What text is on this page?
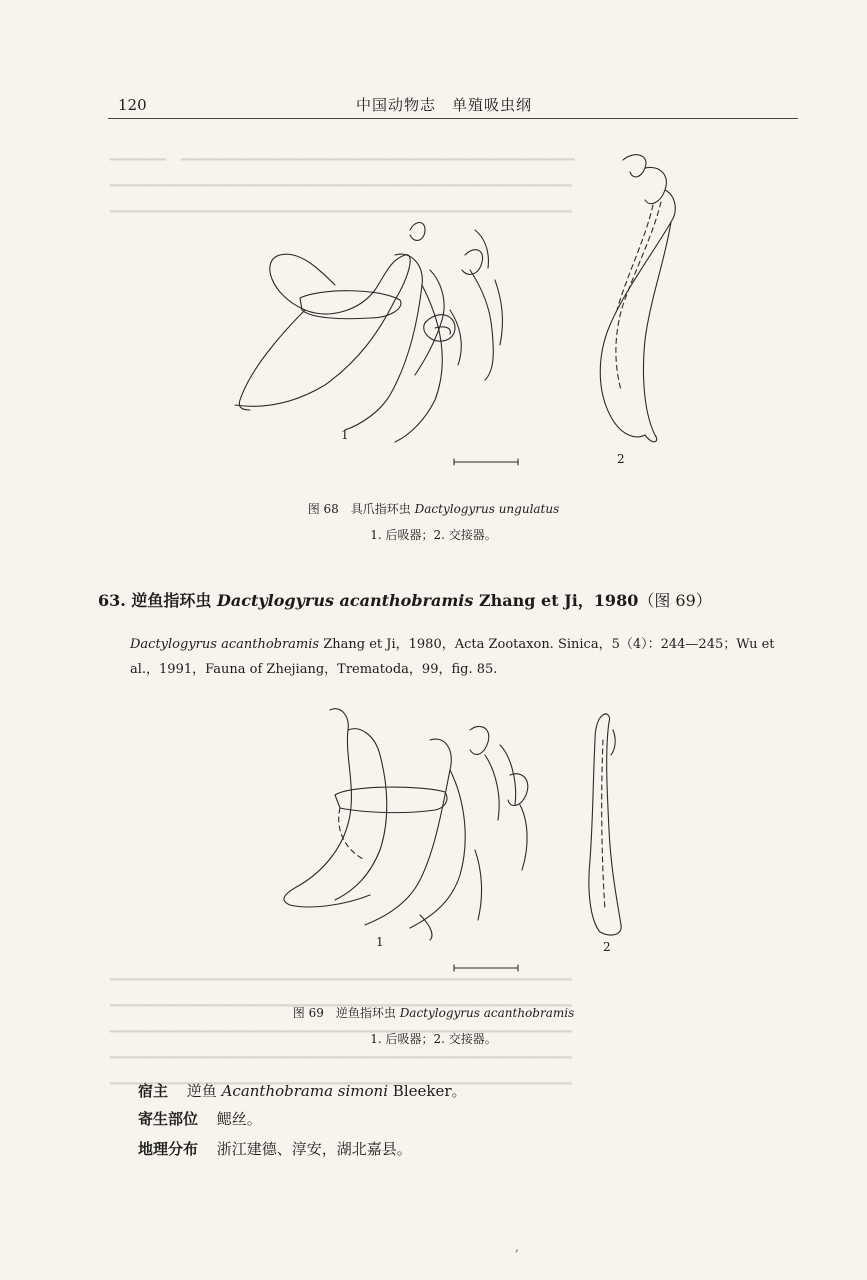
▁▁▁▁▁　▁▁▁▁▁▁▁▁▁▁▁▁▁▁▁▁▁▁▁▁▁▁▁▁▁▁▁▁▁▁▁▁▁▁▁
▁▁▁▁▁▁▁▁▁▁▁▁▁▁▁▁▁▁▁▁▁▁▁▁▁▁▁▁▁▁▁▁▁▁▁▁▁▁▁▁▁
▁▁▁▁▁▁▁▁▁▁▁▁▁▁▁▁▁▁▁▁▁▁▁▁▁▁▁▁▁▁▁▁▁▁▁▁▁▁▁▁▁
▁▁▁▁▁▁▁▁▁▁▁▁▁▁▁▁▁▁▁▁▁▁▁▁▁▁▁▁▁▁▁▁▁▁▁▁▁▁▁▁▁
▁▁▁▁▁▁▁▁▁▁▁▁▁▁▁▁▁▁▁▁▁▁▁▁▁▁▁▁▁▁▁▁▁▁▁▁▁▁▁▁▁
▁▁▁▁▁▁▁▁▁▁▁▁▁▁▁▁▁▁▁▁▁▁▁▁▁▁▁▁▁▁▁▁▁▁▁▁▁▁▁▁▁
▁▁▁▁▁▁▁▁▁▁▁▁▁▁▁▁▁▁▁▁▁▁▁▁▁▁▁▁▁▁▁▁▁▁▁▁▁▁▁▁▁
▁▁▁▁▁▁▁▁▁▁▁▁▁▁▁▁▁▁▁▁▁▁▁▁▁▁▁▁▁▁▁▁▁▁▁▁▁▁▁▁▁
120	中国动物志　单殖吸虫纲
1
2
图 68　具爪指环虫 Dactylogyrus ungulatus
1. 后吸器；2. 交接器。
63. 逆鱼指环虫 Dactylogyrus acanthobramis Zhang et Ji，1980（图 69）
Dactylogyrus acanthobramis Zhang et Ji，1980，Acta Zootaxon. Sinica，5（4）：244—245；Wu et al.，1991，Fauna of Zhejiang，Trematoda，99，fig. 85.
1	2
图 69　逆鱼指环虫 Dactylogyrus acanthobramis
1. 后吸器；2. 交接器。
宿主 逆鱼 Acanthobrama simoni Bleeker。
寄生部位 鳃丝。
地理分布 浙江建德、淳安，湖北嘉县。
,
